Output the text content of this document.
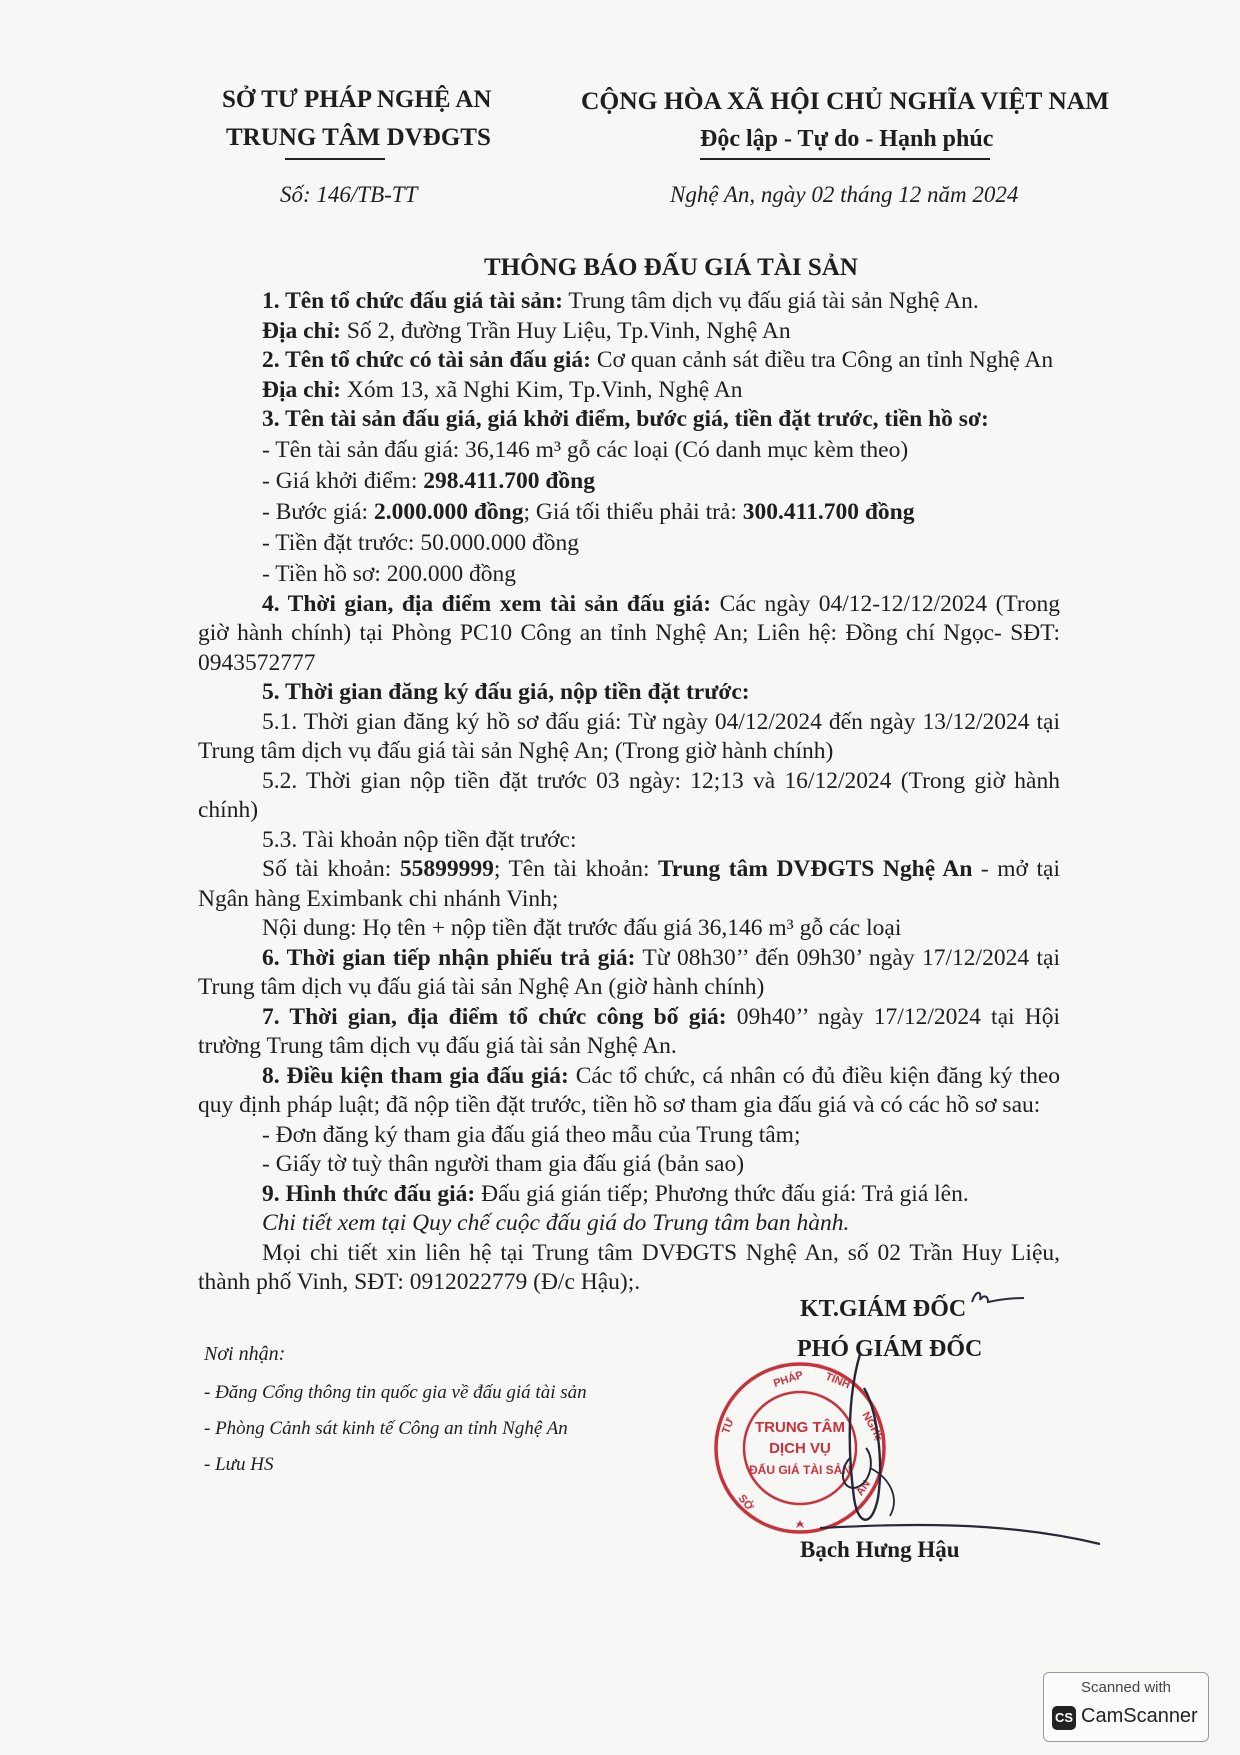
SỞ TƯ PHÁP NGHỆ AN
TRUNG TÂM DVĐGTS
Số: 146/TB-TT
CỘNG HÒA XÃ HỘI CHỦ NGHĨA VIỆT NAM
Độc lập - Tự do - Hạnh phúc
Nghệ An, ngày 02 tháng 12 năm 2024
THÔNG BÁO ĐẤU GIÁ TÀI SẢN

1. Tên tổ chức đấu giá tài sản: Trung tâm dịch vụ đấu giá tài sản Nghệ An.

Địa chỉ: Số 2, đường Trần Huy Liệu, Tp.Vinh, Nghệ An

2. Tên tổ chức có tài sản đấu giá: Cơ quan cảnh sát điều tra Công an tỉnh Nghệ An

Địa chỉ: Xóm 13, xã Nghi Kim, Tp.Vinh, Nghệ An

3. Tên tài sản đấu giá, giá khởi điểm, bước giá, tiền đặt trước, tiền hồ sơ:

- Tên tài sản đấu giá: 36,146 m³ gỗ các loại (Có danh mục kèm theo)

- Giá khởi điểm: 298.411.700 đồng

- Bước giá: 2.000.000 đồng; Giá tối thiểu phải trả: 300.411.700 đồng

- Tiền đặt trước: 50.000.000 đồng

- Tiền hồ sơ: 200.000 đồng

4. Thời gian, địa điểm xem tài sản đấu giá: Các ngày 04/12-12/12/2024 (Trong giờ hành chính) tại Phòng PC10 Công an tỉnh Nghệ An; Liên hệ: Đồng chí Ngọc- SĐT: 0943572777

5. Thời gian đăng ký đấu giá, nộp tiền đặt trước:

5.1. Thời gian đăng ký hồ sơ đấu giá: Từ ngày 04/12/2024 đến ngày 13/12/2024 tại Trung tâm dịch vụ đấu giá tài sản Nghệ An; (Trong giờ hành chính)

5.2. Thời gian nộp tiền đặt trước 03 ngày: 12;13 và 16/12/2024 (Trong giờ hành chính)

5.3. Tài khoản nộp tiền đặt trước:

Số tài khoản: 55899999; Tên tài khoản: Trung tâm DVĐGTS Nghệ An - mở tại Ngân hàng Eximbank chi nhánh Vinh;

Nội dung: Họ tên + nộp tiền đặt trước đấu giá 36,146 m³ gỗ các loại

6. Thời gian tiếp nhận phiếu trả giá: Từ 08h30’’ đến 09h30’ ngày 17/12/2024 tại Trung tâm dịch vụ đấu giá tài sản Nghệ An (giờ hành chính)

7. Thời gian, địa điểm tổ chức công bố giá: 09h40’’ ngày 17/12/2024 tại Hội trường Trung tâm dịch vụ đấu giá tài sản Nghệ An.

8. Điều kiện tham gia đấu giá: Các tổ chức, cá nhân có đủ điều kiện đăng ký theo quy định pháp luật; đã nộp tiền đặt trước, tiền hồ sơ tham gia đấu giá và có các hồ sơ sau:

- Đơn đăng ký tham gia đấu giá theo mẫu của Trung tâm;

- Giấy tờ tuỳ thân người tham gia đấu giá (bản sao)

9. Hình thức đấu giá: Đấu giá gián tiếp; Phương thức đấu giá: Trả giá lên.

Chi tiết xem tại Quy chế cuộc đấu giá do Trung tâm ban hành.

Mọi chi tiết xin liên hệ tại Trung tâm DVĐGTS Nghệ An, số 02 Trần Huy Liệu, thành phố Vinh, SĐT: 0912022779 (Đ/c Hậu);.

Nơi nhận:
- Đăng Cổng thông tin quốc gia về đấu giá tài sản
- Phòng Cảnh sát kinh tế Công an tỉnh Nghệ An
- Lưu HS
KT.GIÁM ĐỐC
PHÓ GIÁM ĐỐC
PHÁP TỈNH
TƯ	NGHỆ
SỞ
AN
TRUNG TÂM
DỊCH VỤ
ĐẤU GIÁ TÀI SẢN
Bạch Hưng Hậu
Scanned with
CS CamScanner
